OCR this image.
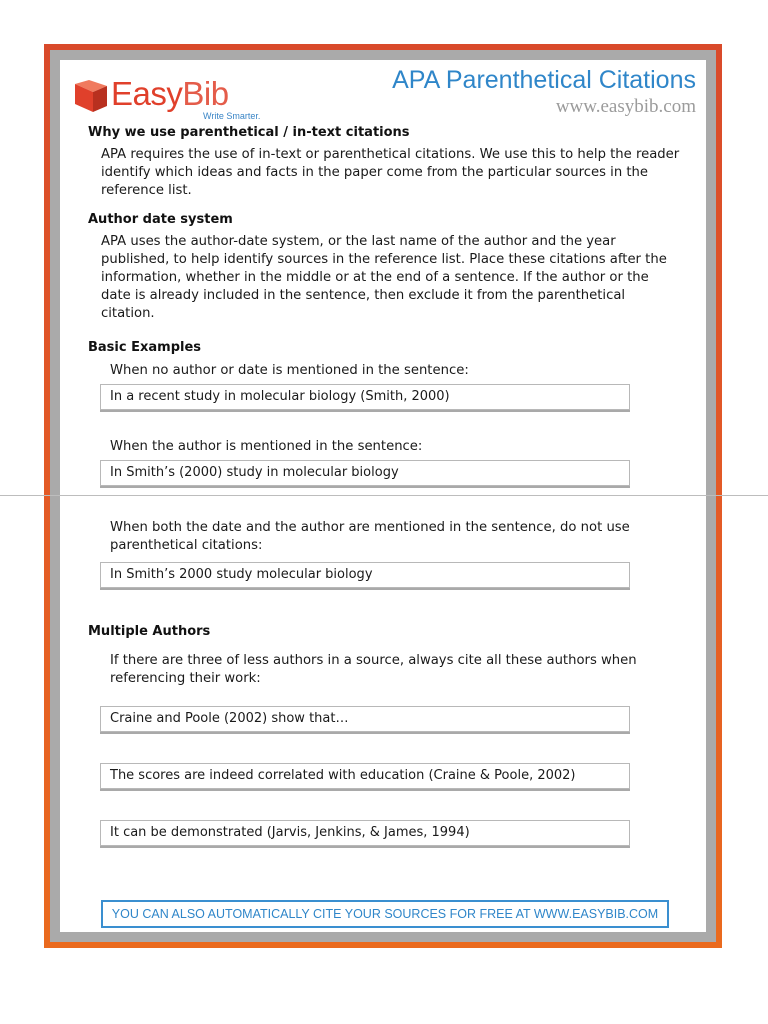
EasyBib
Write Smarter.
APA Parenthetical Citations
www.easybib.com
Why we use parenthetical / in-text citations
APA requires the use of in-text or parenthetical citations. We use this to help the reader identify which ideas and facts in the paper come from the particular sources in the reference list.
Author date system
APA uses the author-date system, or the last name of the author and the year published, to help identify sources in the reference list. Place these citations after the information, whether in the middle or at the end of a sentence. If the author or the date is already included in the sentence, then exclude it from the parenthetical citation.
Basic Examples
When no author or date is mentioned in the sentence:
In a recent study in molecular biology (Smith, 2000)
When the author is mentioned in the sentence:
In Smith’s (2000) study in molecular biology
When both the date and the author are mentioned in the sentence, do not use parenthetical citations:
In Smith’s 2000 study molecular biology
Multiple Authors
If there are three of less authors in a source, always cite all these authors when referencing their work:
Craine and Poole (2002) show that…
The scores are indeed correlated with education (Craine & Poole, 2002)
It can be demonstrated (Jarvis, Jenkins, & James, 1994)
YOU CAN ALSO AUTOMATICALLY CITE YOUR SOURCES FOR FREE AT WWW.EASYBIB.COM
